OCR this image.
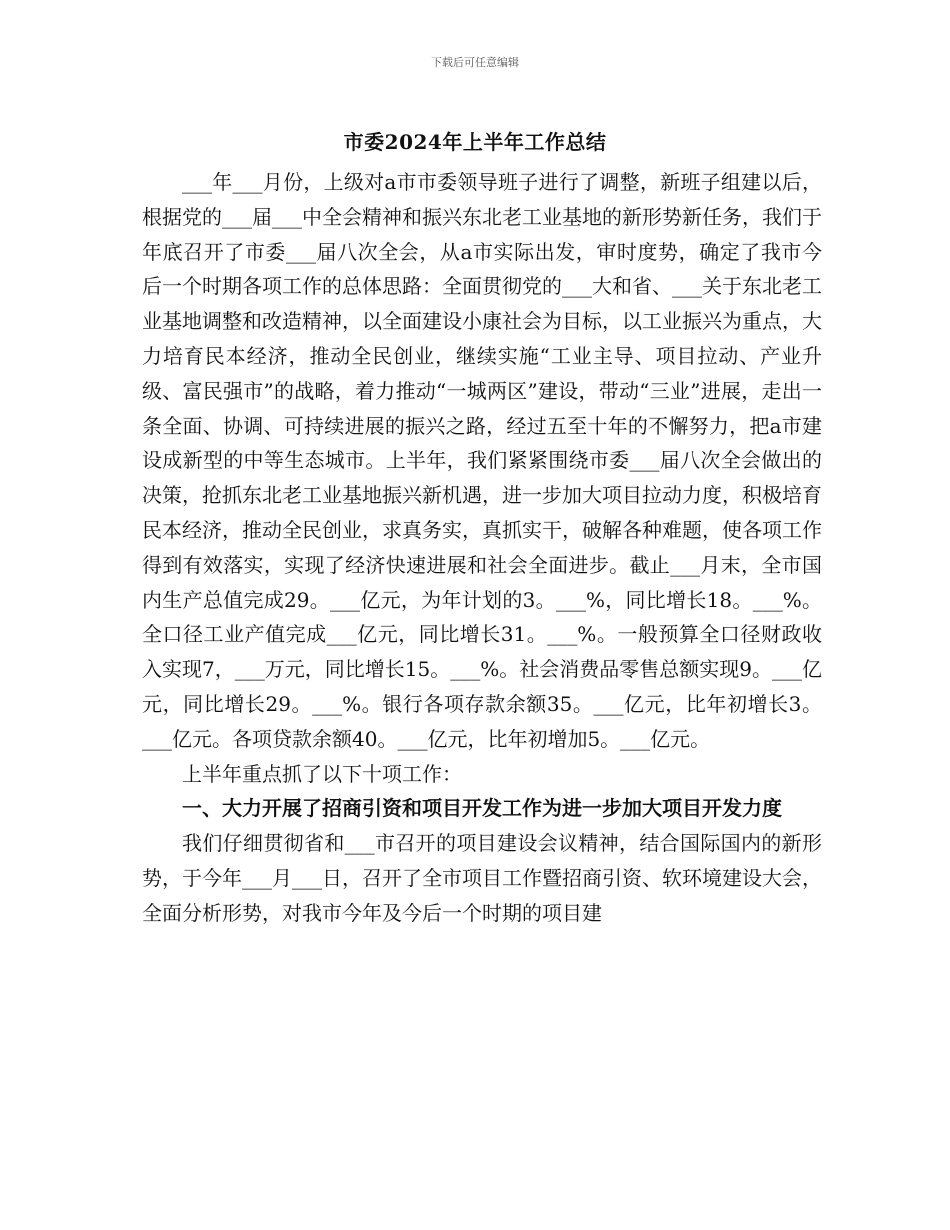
下载后可任意编辑
市委2024年上半年工作总结

___年___月份，上级对a市市委领导班子进行了调整，新班子组建以后，根据党的___届___中全会精神和振兴东北老工业基地的新形势新任务，我们于年底召开了市委___届八次全会，从a市实际出发，审时度势，确定了我市今后一个时期各项工作的总体思路：全面贯彻党的___大和省、___关于东北老工业基地调整和改造精神，以全面建设小康社会为目标，以工业振兴为重点，大力培育民本经济，推动全民创业，继续实施“工业主导、项目拉动、产业升级、富民强市”的战略，着力推动“一城两区”建设，带动“三业”进展，走出一条全面、协调、可持续进展的振兴之路，经过五至十年的不懈努力，把a市建设成新型的中等生态城市。上半年，我们紧紧围绕市委___届八次全会做出的决策，抢抓东北老工业基地振兴新机遇，进一步加大项目拉动力度，积极培育民本经济，推动全民创业，求真务实，真抓实干，破解各种难题，使各项工作得到有效落实，实现了经济快速进展和社会全面进步。截止___月末，全市国内生产总值完成29。___亿元，为年计划的3。___%，同比增长18。___%。全口径工业产值完成___亿元，同比增长31。___%。一般预算全口径财政收入实现7，___万元，同比增长15。___%。社会消费品零售总额实现9。___亿元，同比增长29。___%。银行各项存款余额35。___亿元，比年初增长3。___亿元。各项贷款余额40。___亿元，比年初增加5。___亿元。

上半年重点抓了以下十项工作：

一、大力开展了招商引资和项目开发工作为进一步加大项目开发力度

我们仔细贯彻省和___市召开的项目建设会议精神，结合国际国内的新形势，于今年___月___日，召开了全市项目工作暨招商引资、软环境建设大会，全面分析形势，对我市今年及今后一个时期的项目建
